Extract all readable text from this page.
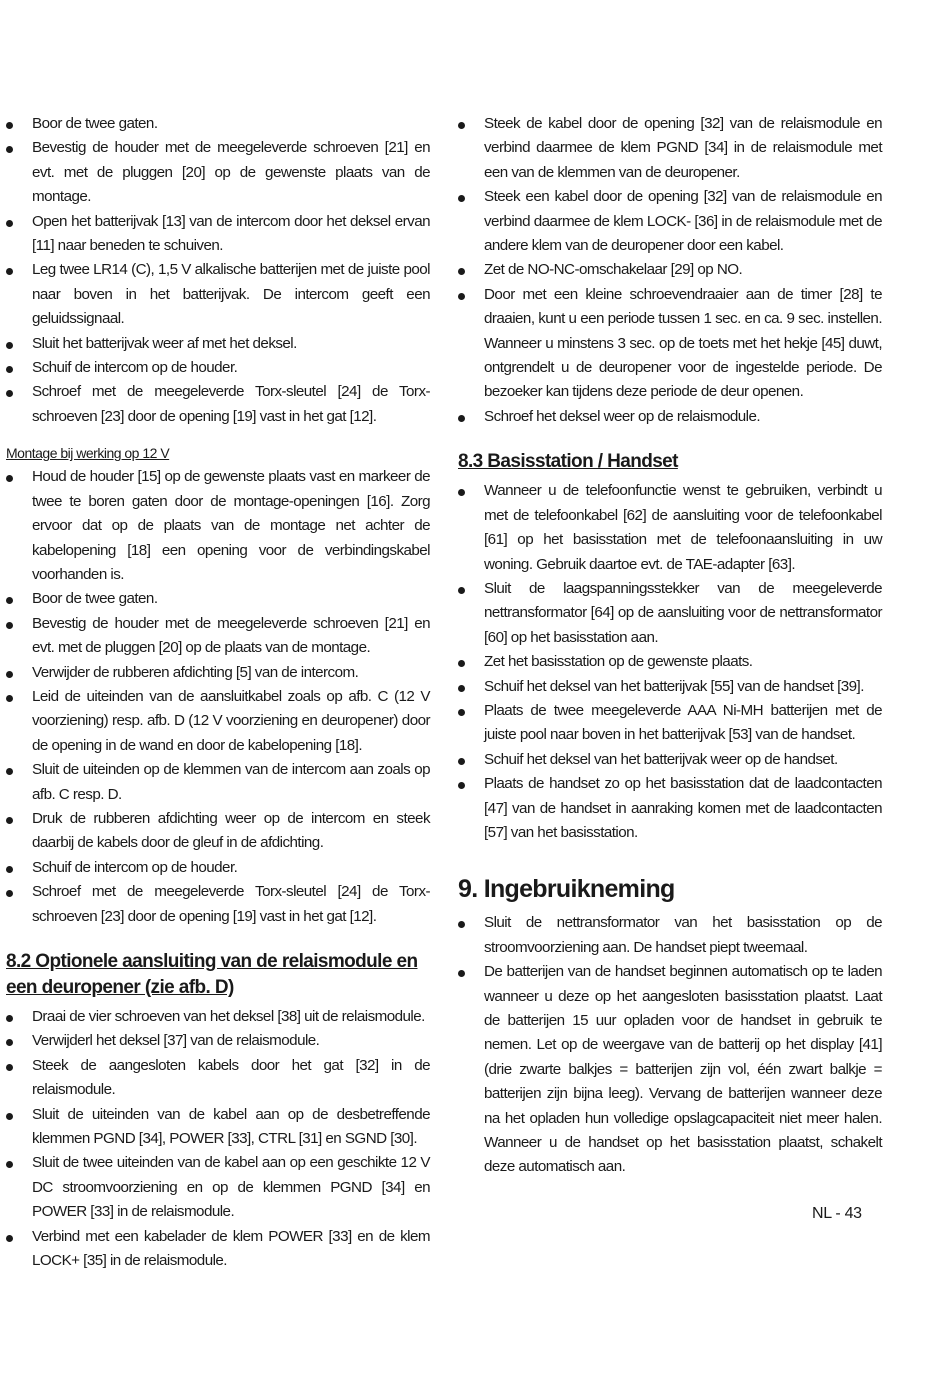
Boor de twee gaten.
Bevestig de houder met de meegeleverde schroeven [21] en evt. met de pluggen [20] op de gewenste plaats van de montage.
Open het batterijvak [13] van de intercom door het deksel ervan [11] naar beneden te schuiven.
Leg twee LR14 (C), 1,5 V alkalische batterijen met de juiste pool naar boven in het batterijvak. De intercom geeft een geluidssignaal.
Sluit het batterijvak weer af met het deksel.
Schuif de intercom op de houder.
Schroef met de meegeleverde Torx-sleutel [24] de Torx-schroeven [23] door de opening [19] vast in het gat [12].
Montage bij werking op 12 V
Houd de houder [15] op de gewenste plaats vast en markeer de twee te boren gaten door de montage-openingen [16]. Zorg ervoor dat op de plaats van de montage net achter de kabelopening [18] een opening voor de verbindingskabel voorhanden is.
Boor de twee gaten.
Bevestig de houder met de meegeleverde schroeven [21] en evt. met de pluggen [20] op de plaats van de montage.
Verwijder de rubberen afdichting [5] van de intercom.
Leid de uiteinden van de aansluitkabel zoals op afb. C (12 V voorziening) resp. afb. D (12 V voorziening en deuropener) door de opening in de wand en door de kabelopening [18].
Sluit de uiteinden op de klemmen van de intercom aan zoals op afb. C resp. D.
Druk de rubberen afdichting weer op de intercom en steek daarbij de kabels door de gleuf in de afdichting.
Schuif de intercom op de houder.
Schroef met de meegeleverde Torx-sleutel [24] de Torx-schroeven [23] door de opening [19] vast in het gat [12].
8.2 Optionele aansluiting van de relaismodule en een deuropener (zie afb. D)
Draai de vier schroeven van het deksel [38] uit de relaismodule.
Verwijderl het deksel [37] van de relaismodule.
Steek de aangesloten kabels door het gat [32] in de relaismodule.
Sluit de uiteinden van de kabel aan op de desbetreffende klemmen PGND [34], POWER [33], CTRL [31] en SGND [30].
Sluit de twee uiteinden van de kabel aan op een geschikte 12 V DC stroomvoorziening en op de klemmen PGND [34] en POWER [33] in de relaismodule.
Verbind met een kabelader de klem POWER [33] en de klem LOCK+ [35] in de relaismodule.
Steek de kabel door de opening [32] van de relaismodule en verbind daarmee de klem PGND [34] in de relaismodule met een van de klemmen van de deuropener.
Steek een kabel door de opening [32] van de relaismodule en verbind daarmee de klem LOCK- [36] in de relaismodule met de andere klem van de deuropener door een kabel.
Zet de NO-NC-omschakelaar [29] op NO.
Door met een kleine schroevendraaier aan de timer [28] te draaien, kunt u een periode tussen 1 sec. en ca. 9 sec. instellen. Wanneer u minstens 3 sec. op de toets met het hekje [45] duwt, ontgrendelt u de deuropener voor de ingestelde periode. De bezoeker kan tijdens deze periode de deur openen.
Schroef het deksel weer op de relaismodule.
8.3 Basisstation / Handset
Wanneer u de telefoonfunctie wenst te gebruiken, verbindt u met de telefoonkabel [62] de aansluiting voor de telefoonkabel [61] op het basisstation met de telefoonaansluiting in uw woning. Gebruik daartoe evt. de TAE-adapter [63].
Sluit de laagspanningsstekker van de meegeleverde nettransformator [64] op de aansluiting voor de nettransformator [60] op het basisstation aan.
Zet het basisstation op de gewenste plaats.
Schuif het deksel van het batterijvak [55] van de handset [39].
Plaats de twee meegeleverde AAA Ni-MH batterijen met de juiste pool naar boven in het batterijvak [53] van de handset.
Schuif het deksel van het batterijvak weer op de handset.
Plaats de handset zo op het basisstation dat de laadcontacten [47] van de handset in aanraking komen met de laadcontacten [57] van het basisstation.
9. Ingebruikneming
Sluit de nettransformator van het basisstation op de stroomvoorziening aan. De handset piept tweemaal.
De batterijen van de handset beginnen automatisch op te laden wanneer u deze op het aangesloten basisstation plaatst. Laat de batterijen 15 uur opladen voor de handset in gebruik te nemen. Let op de weergave van de batterij op het display [41] (drie zwarte balkjes = batterijen zijn vol, één zwart balkje = batterijen zijn bijna leeg). Vervang de batterijen wanneer deze na het opladen hun volledige opslagcapaciteit niet meer halen. Wanneer u de handset op het basisstation plaatst, schakelt deze automatisch aan.
NL - 43
